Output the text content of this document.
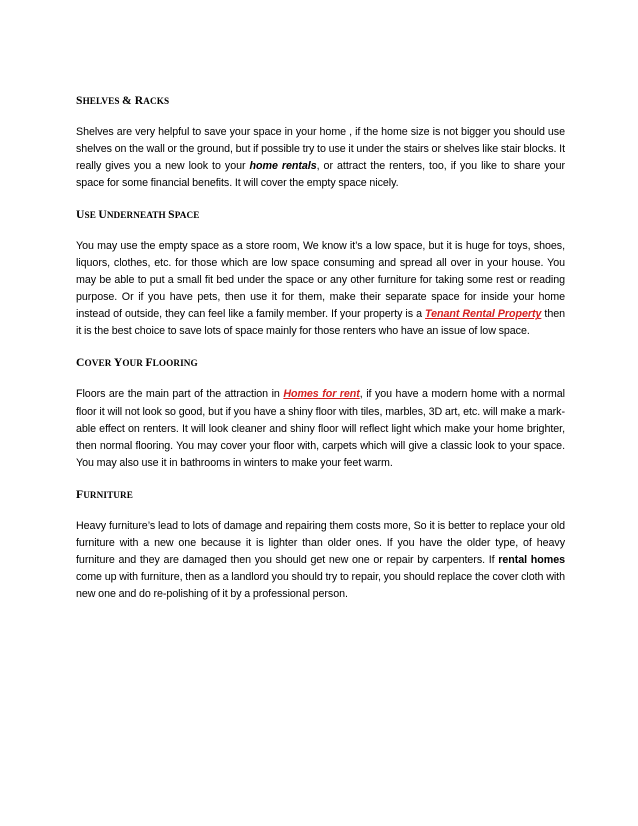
SHELVES & RACKS

Shelves are very helpful to save your space in your home , if the home size is not bigger you should use shelves on the wall or the ground, but if possible try to use it under the stairs or shelves like stair blocks. It really gives you a new look to your home rentals, or attract the renters, too, if you like to share your space for some financial benefits. It will cover the empty space nicely.

USE UNDERNEATH SPACE

You may use the empty space as a store room, We know it’s a low space, but it is huge for toys, shoes, liquors, clothes, etc. for those which are low space consuming and spread all over in your house. You may be able to put a small fit bed under the space or any other furniture for taking some rest or reading purpose. Or if you have pets, then use it for them, make their separate space for inside your home instead of outside, they can feel like a family member. If your property is a Tenant Rental Property then it is the best choice to save lots of space mainly for those renters who have an issue of low space.

COVER YOUR FLOORING

Floors are the main part of the attraction in Homes for rent, if you have a modern home with a normal floor it will not look so good, but if you have a shiny floor with tiles, marbles, 3D art, etc. will make a mark-able effect on renters. It will look cleaner and shiny floor will reflect light which make your home brighter, then normal flooring. You may cover your floor with, carpets which will give a classic look to your space. You may also use it in bathrooms in winters to make your feet warm.

FURNITURE

Heavy furniture’s lead to lots of damage and repairing them costs more, So it is better to replace your old furniture with a new one because it is lighter than older ones. If you have the older type, of heavy furniture and they are damaged then you should get new one or repair by carpenters. If rental homes come up with furniture, then as a landlord you should try to repair, you should replace the cover cloth with new one and do re-polishing of it by a professional person.
